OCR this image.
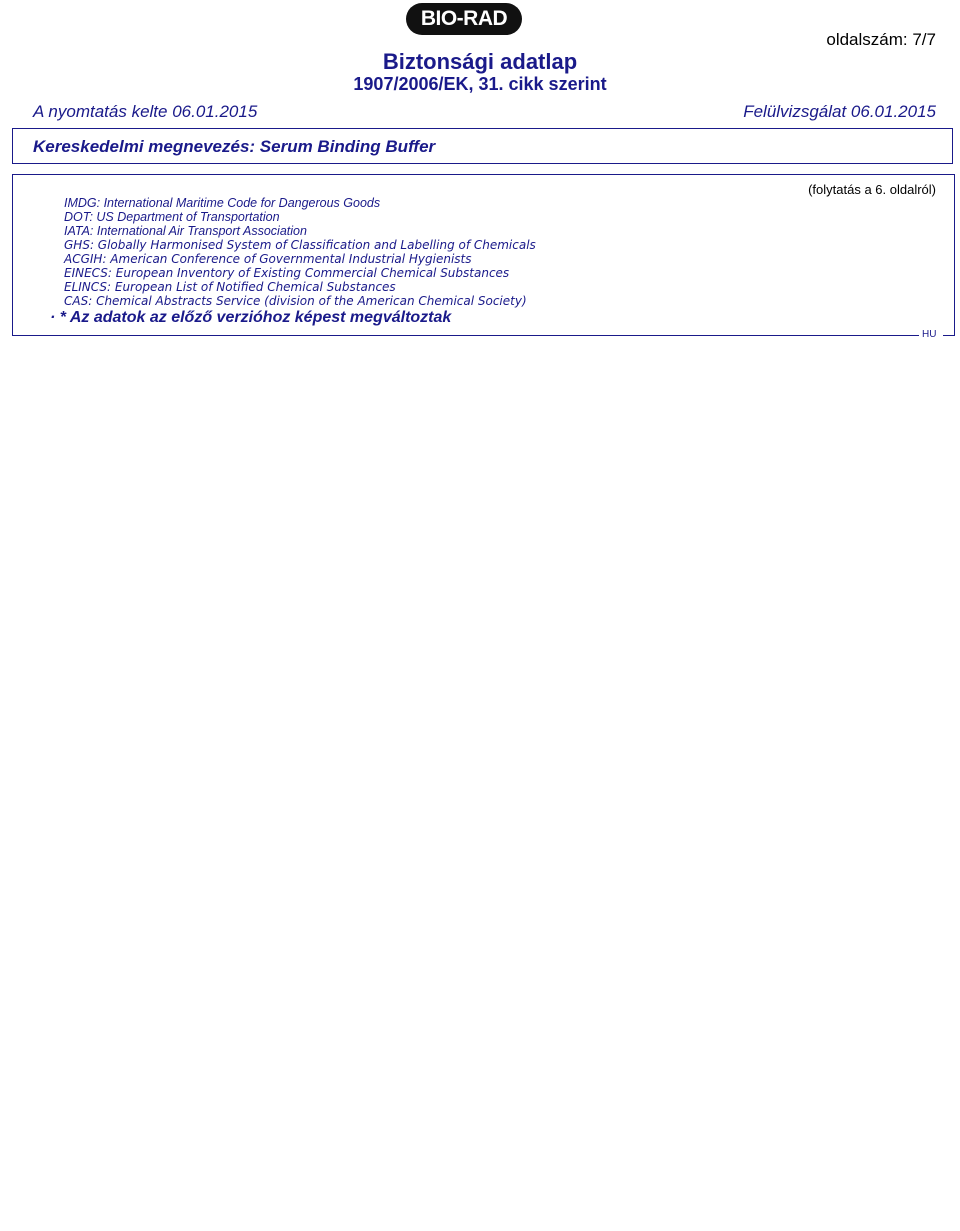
BIO-RAD
oldalszám: 7/7
Biztonsági adatlap
1907/2006/EK, 31. cikk szerint
A nyomtatás kelte 06.01.2015	Felülvizsgálat 06.01.2015
Kereskedelmi megnevezés: Serum Binding Buffer
HU
(folytatás a 6. oldalról)
IMDG: International Maritime Code for Dangerous Goods
DOT: US Department of Transportation
IATA: International Air Transport Association
GHS: Globally Harmonised System of Classification and Labelling of Chemicals
ACGIH: American Conference of Governmental Industrial Hygienists
EINECS: European Inventory of Existing Commercial Chemical Substances
ELINCS: European List of Notified Chemical Substances
CAS: Chemical Abstracts Service (division of the American Chemical Society)
· * Az adatok az előző verzióhoz képest megváltoztak
